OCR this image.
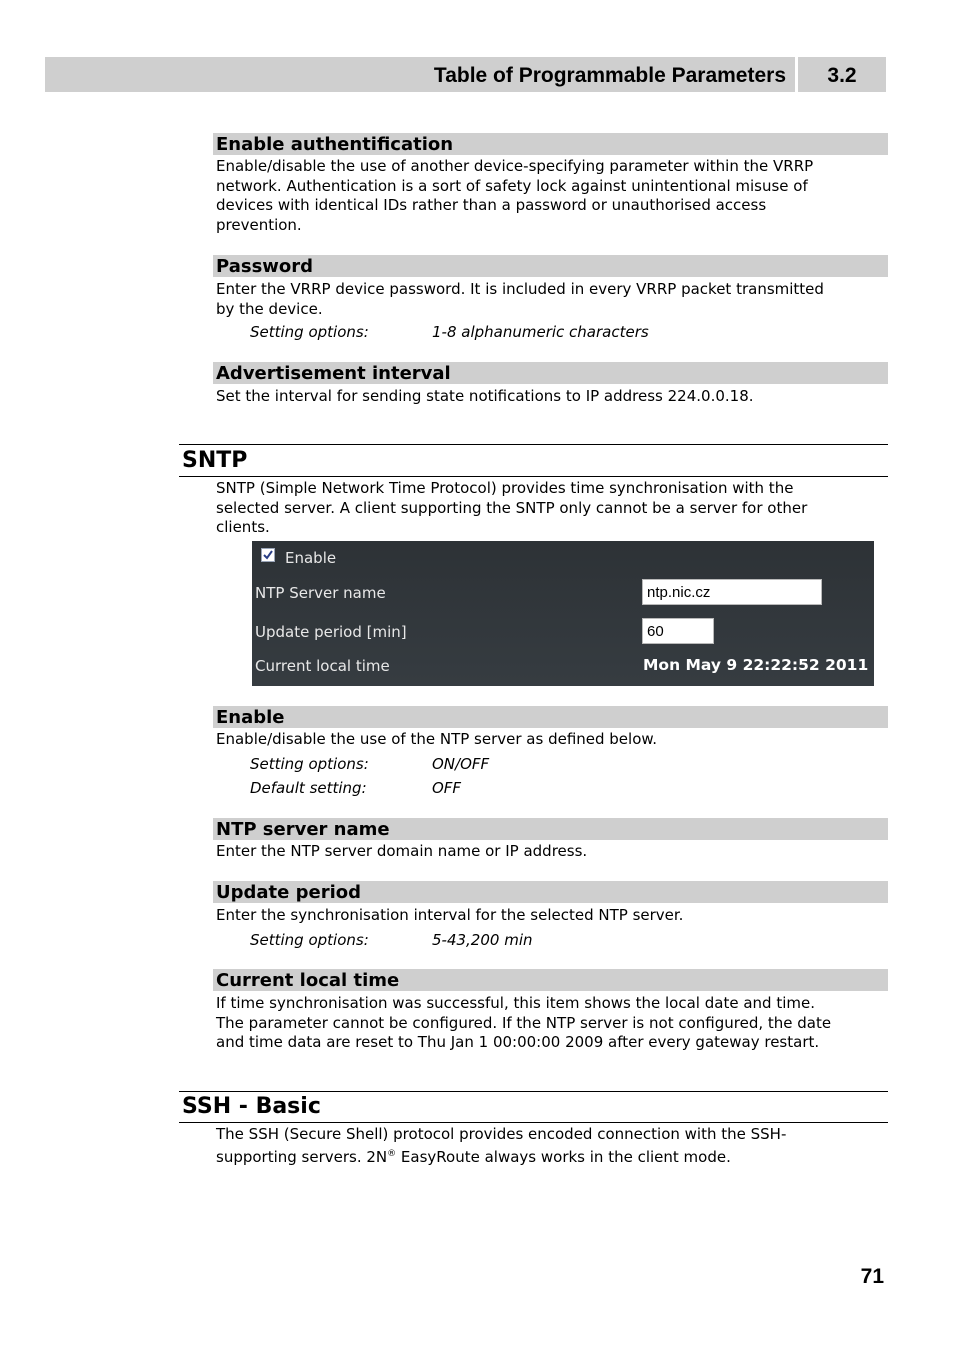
Table of Programmable Parameters	3.2
Enable authentification
Enable/disable the use of another device-specifying parameter within the VRRP
network. Authentication is a sort of safety lock against unintentional misuse of
devices with identical IDs rather than a password or unauthorised access
prevention.
Password
Enter the VRRP device password. It is included in every VRRP packet transmitted
by the device.
Setting options:	1-8 alphanumeric characters
Advertisement interval
Set the interval for sending state notifications to IP address 224.0.0.18.
SNTP
SNTP (Simple Network Time Protocol) provides time synchronisation with the
selected server. A client supporting the SNTP only cannot be a server for other
clients.
Enable
NTP Server name	ntp.nic.cz
Update period [min]	60
Current local time	Mon May 9 22:22:52 2011
Enable
Enable/disable the use of the NTP server as defined below.
Setting options:	ON/OFF
Default setting:	OFF
NTP server name
Enter the NTP server domain name or IP address.
Update period
Enter the synchronisation interval for the selected NTP server.
Setting options:	5-43,200 min
Current local time
If time synchronisation was successful, this item shows the local date and time.
The parameter cannot be configured. If the NTP server is not configured, the date
and time data are reset to Thu Jan 1 00:00:00 2009 after every gateway restart.
SSH - Basic
The SSH (Secure Shell) protocol provides encoded connection with the SSH-
supporting servers. 2N® EasyRoute always works in the client mode.
71
